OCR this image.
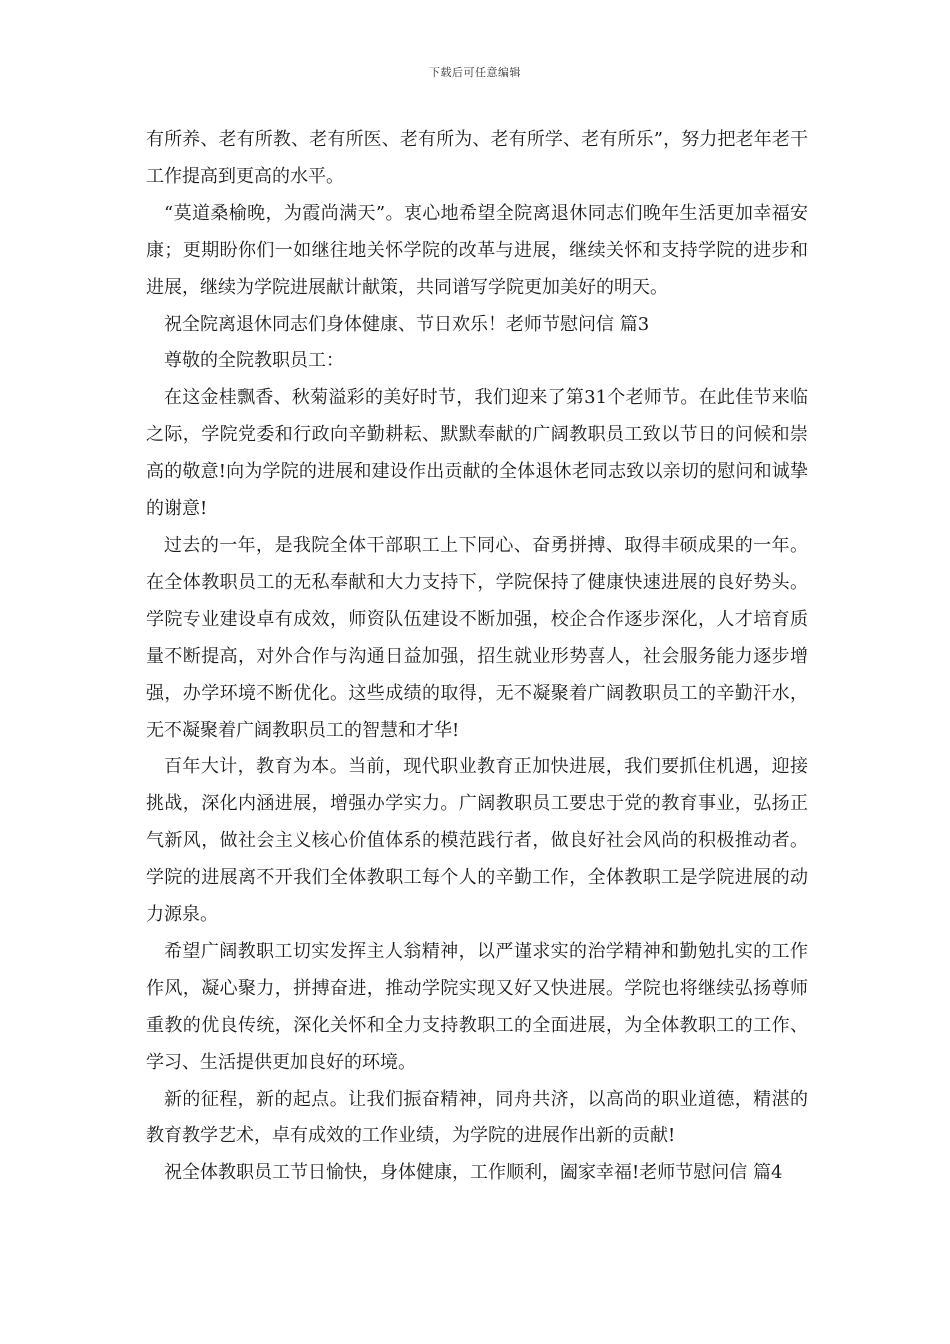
下载后可任意编辑

有所养、老有所教、老有所医、老有所为、老有所学、老有所乐”，努力把老年老干工作提高到更高的水平。

“莫道桑榆晚，为霞尚满天”。衷心地希望全院离退休同志们晚年生活更加幸福安康；更期盼你们一如继往地关怀学院的改革与进展，继续关怀和支持学院的进步和进展，继续为学院进展献计献策，共同谱写学院更加美好的明天。

祝全院离退休同志们身体健康、节日欢乐！老师节慰问信 篇3

尊敬的全院教职员工：

在这金桂飘香、秋菊溢彩的美好时节，我们迎来了第31个老师节。在此佳节来临之际，学院党委和行政向辛勤耕耘、默默奉献的广阔教职员工致以节日的问候和崇高的敬意!向为学院的进展和建设作出贡献的全体退休老同志致以亲切的慰问和诚挚的谢意!

过去的一年，是我院全体干部职工上下同心、奋勇拼搏、取得丰硕成果的一年。在全体教职员工的无私奉献和大力支持下，学院保持了健康快速进展的良好势头。学院专业建设卓有成效，师资队伍建设不断加强，校企合作逐步深化，人才培育质量不断提高，对外合作与沟通日益加强，招生就业形势喜人，社会服务能力逐步增强，办学环境不断优化。这些成绩的取得，无不凝聚着广阔教职员工的辛勤汗水，无不凝聚着广阔教职员工的智慧和才华!

百年大计，教育为本。当前，现代职业教育正加快进展，我们要抓住机遇，迎接挑战，深化内涵进展，增强办学实力。广阔教职员工要忠于党的教育事业，弘扬正气新风，做社会主义核心价值体系的模范践行者，做良好社会风尚的积极推动者。学院的进展离不开我们全体教职工每个人的辛勤工作，全体教职工是学院进展的动力源泉。

希望广阔教职工切实发挥主人翁精神，以严谨求实的治学精神和勤勉扎实的工作作风，凝心聚力，拼搏奋进，推动学院实现又好又快进展。学院也将继续弘扬尊师重教的优良传统，深化关怀和全力支持教职工的全面进展，为全体教职工的工作、学习、生活提供更加良好的环境。

新的征程，新的起点。让我们振奋精神，同舟共济，以高尚的职业道德，精湛的教育教学艺术，卓有成效的工作业绩，为学院的进展作出新的贡献!

祝全体教职员工节日愉快，身体健康，工作顺利，阖家幸福!老师节慰问信 篇4
